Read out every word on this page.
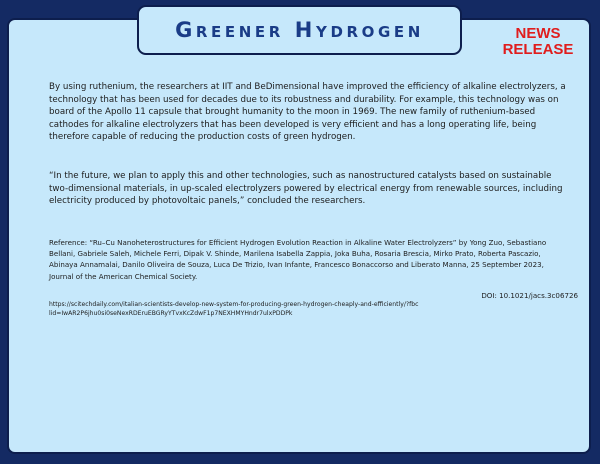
Greener Hydrogen	NEWS
RELEASE

By using ruthenium, the researchers at IIT and BeDimensional have improved the efficiency of alkaline electrolyzers, a technology that has been used for decades due to its robustness and durability. For example, this technology was on board of the Apollo 11 capsule that brought humanity to the moon in 1969. The new family of ruthenium-based cathodes for alkaline electrolyzers that has been developed is very efficient and has a long operating life, being therefore capable of reducing the production costs of green hydrogen.

“In the future, we plan to apply this and other technologies, such as nanostructured catalysts based on sustainable two-dimensional materials, in up-scaled electrolyzers powered by electrical energy from renewable sources, including electricity produced by photovoltaic panels,” concluded the researchers.

Reference: “Ru–Cu Nanoheterostructures for Efficient Hydrogen Evolution Reaction in Alkaline Water Electrolyzers” by Yong Zuo, Sebastiano Bellani, Gabriele Saleh, Michele Ferri, Dipak V. Shinde, Marilena Isabella Zappia, Joka Buha, Rosaria Brescia, Mirko Prato, Roberta Pascazio, Abinaya Annamalai, Danilo Oliveira de Souza, Luca De Trizio, Ivan Infante, Francesco Bonaccorso and Liberato Manna, 25 September 2023, Journal of the American Chemical Society.

DOI: 10.1021/jacs.3c06726
https://scitechdaily.com/italian-scientists-develop-new-system-for-producing-green-hydrogen-cheaply-and-efficiently/?fbclid=IwAR2P6jhu0si0seNexRDEruEBGRyYTvxKcZdwF1p7NEXHMYHndr7ulxPDDPk
